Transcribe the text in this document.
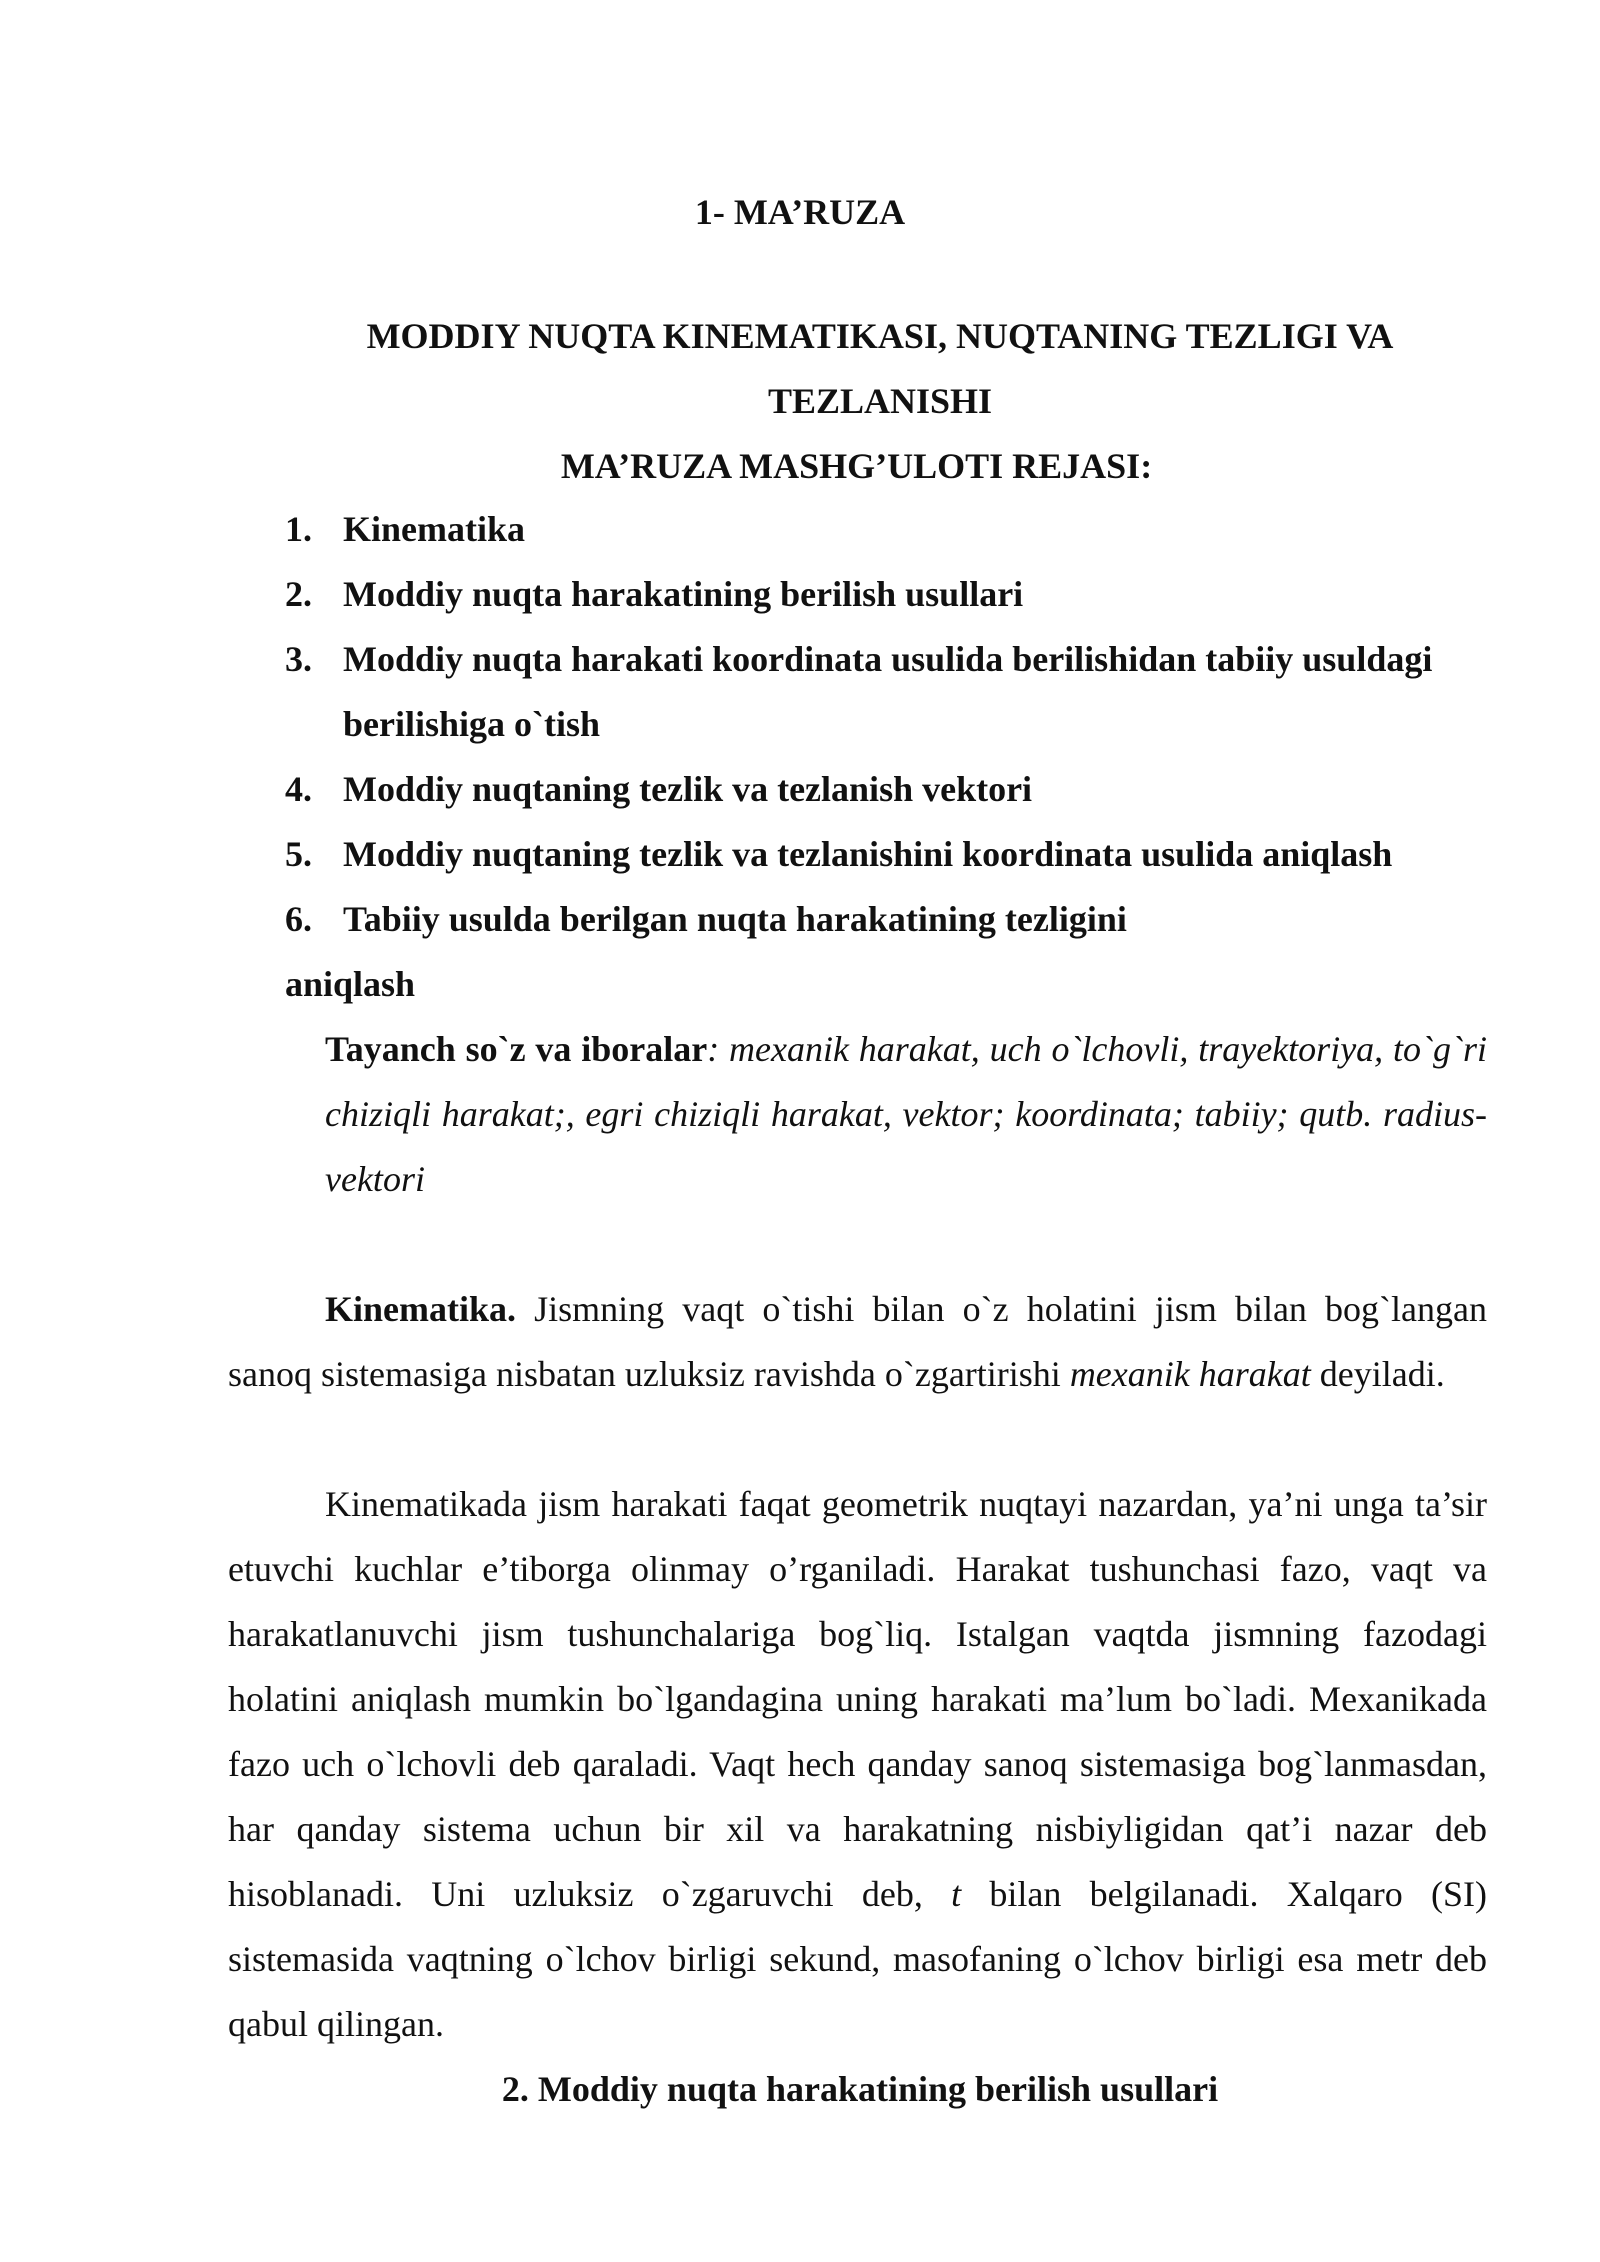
1- MA’RUZA
MODDIY NUQTA KINEMATIKASI, NUQTANING TEZLIGI VA
TEZLANISHI
MA’RUZA MASHG’ULOTI REJASI:
1. Kinematika
2. Moddiy nuqta harakatining berilish usullari
3. Moddiy nuqta harakati koordinata usulida berilishidan tabiiy usuldagi berilishiga o`tish
4. Moddiy nuqtaning tezlik va tezlanish vektori
5. Moddiy nuqtaning tezlik va tezlanishini koordinata usulida aniqlash
6. Tabiiy usulda berilgan nuqta harakatining tezligini
aniqlash
Tayanch so`z va iboralar: mexanik harakat, uch o`lchovli, trayektoriya, to`g`ri chiziqli harakat;, egri chiziqli harakat, vektor; koordinata; tabiiy; qutb. radius-vektori
Kinematika. Jismning vaqt o`tishi bilan o`z holatini jism bilan bog`langan sanoq sistemasiga nisbatan uzluksiz ravishda o`zgartirishi mexanik harakat deyiladi.
Kinematikada jism harakati faqat geometrik nuqtayi nazardan, ya’ni unga ta’sir etuvchi kuchlar e’tiborga olinmay o’rganiladi. Harakat tushunchasi fazo, vaqt va harakatlanuvchi jism tushunchalariga bog`liq. Istalgan vaqtda jismning fazodagi holatini aniqlash mumkin bo`lgandagina uning harakati ma’lum bo`ladi. Mexanikada fazo uch o`lchovli deb qaraladi. Vaqt hech qanday sanoq sistemasiga bog`lanmasdan, har qanday sistema uchun bir xil va harakatning nisbiyligidan qat’i nazar deb hisoblanadi. Uni uzluksiz o`zgaruvchi deb, t bilan belgilanadi. Xalqaro (SI) sistemasida vaqtning o`lchov birligi sekund, masofaning o`lchov birligi esa metr deb qabul qilingan.
2. Moddiy nuqta harakatining berilish usullari
